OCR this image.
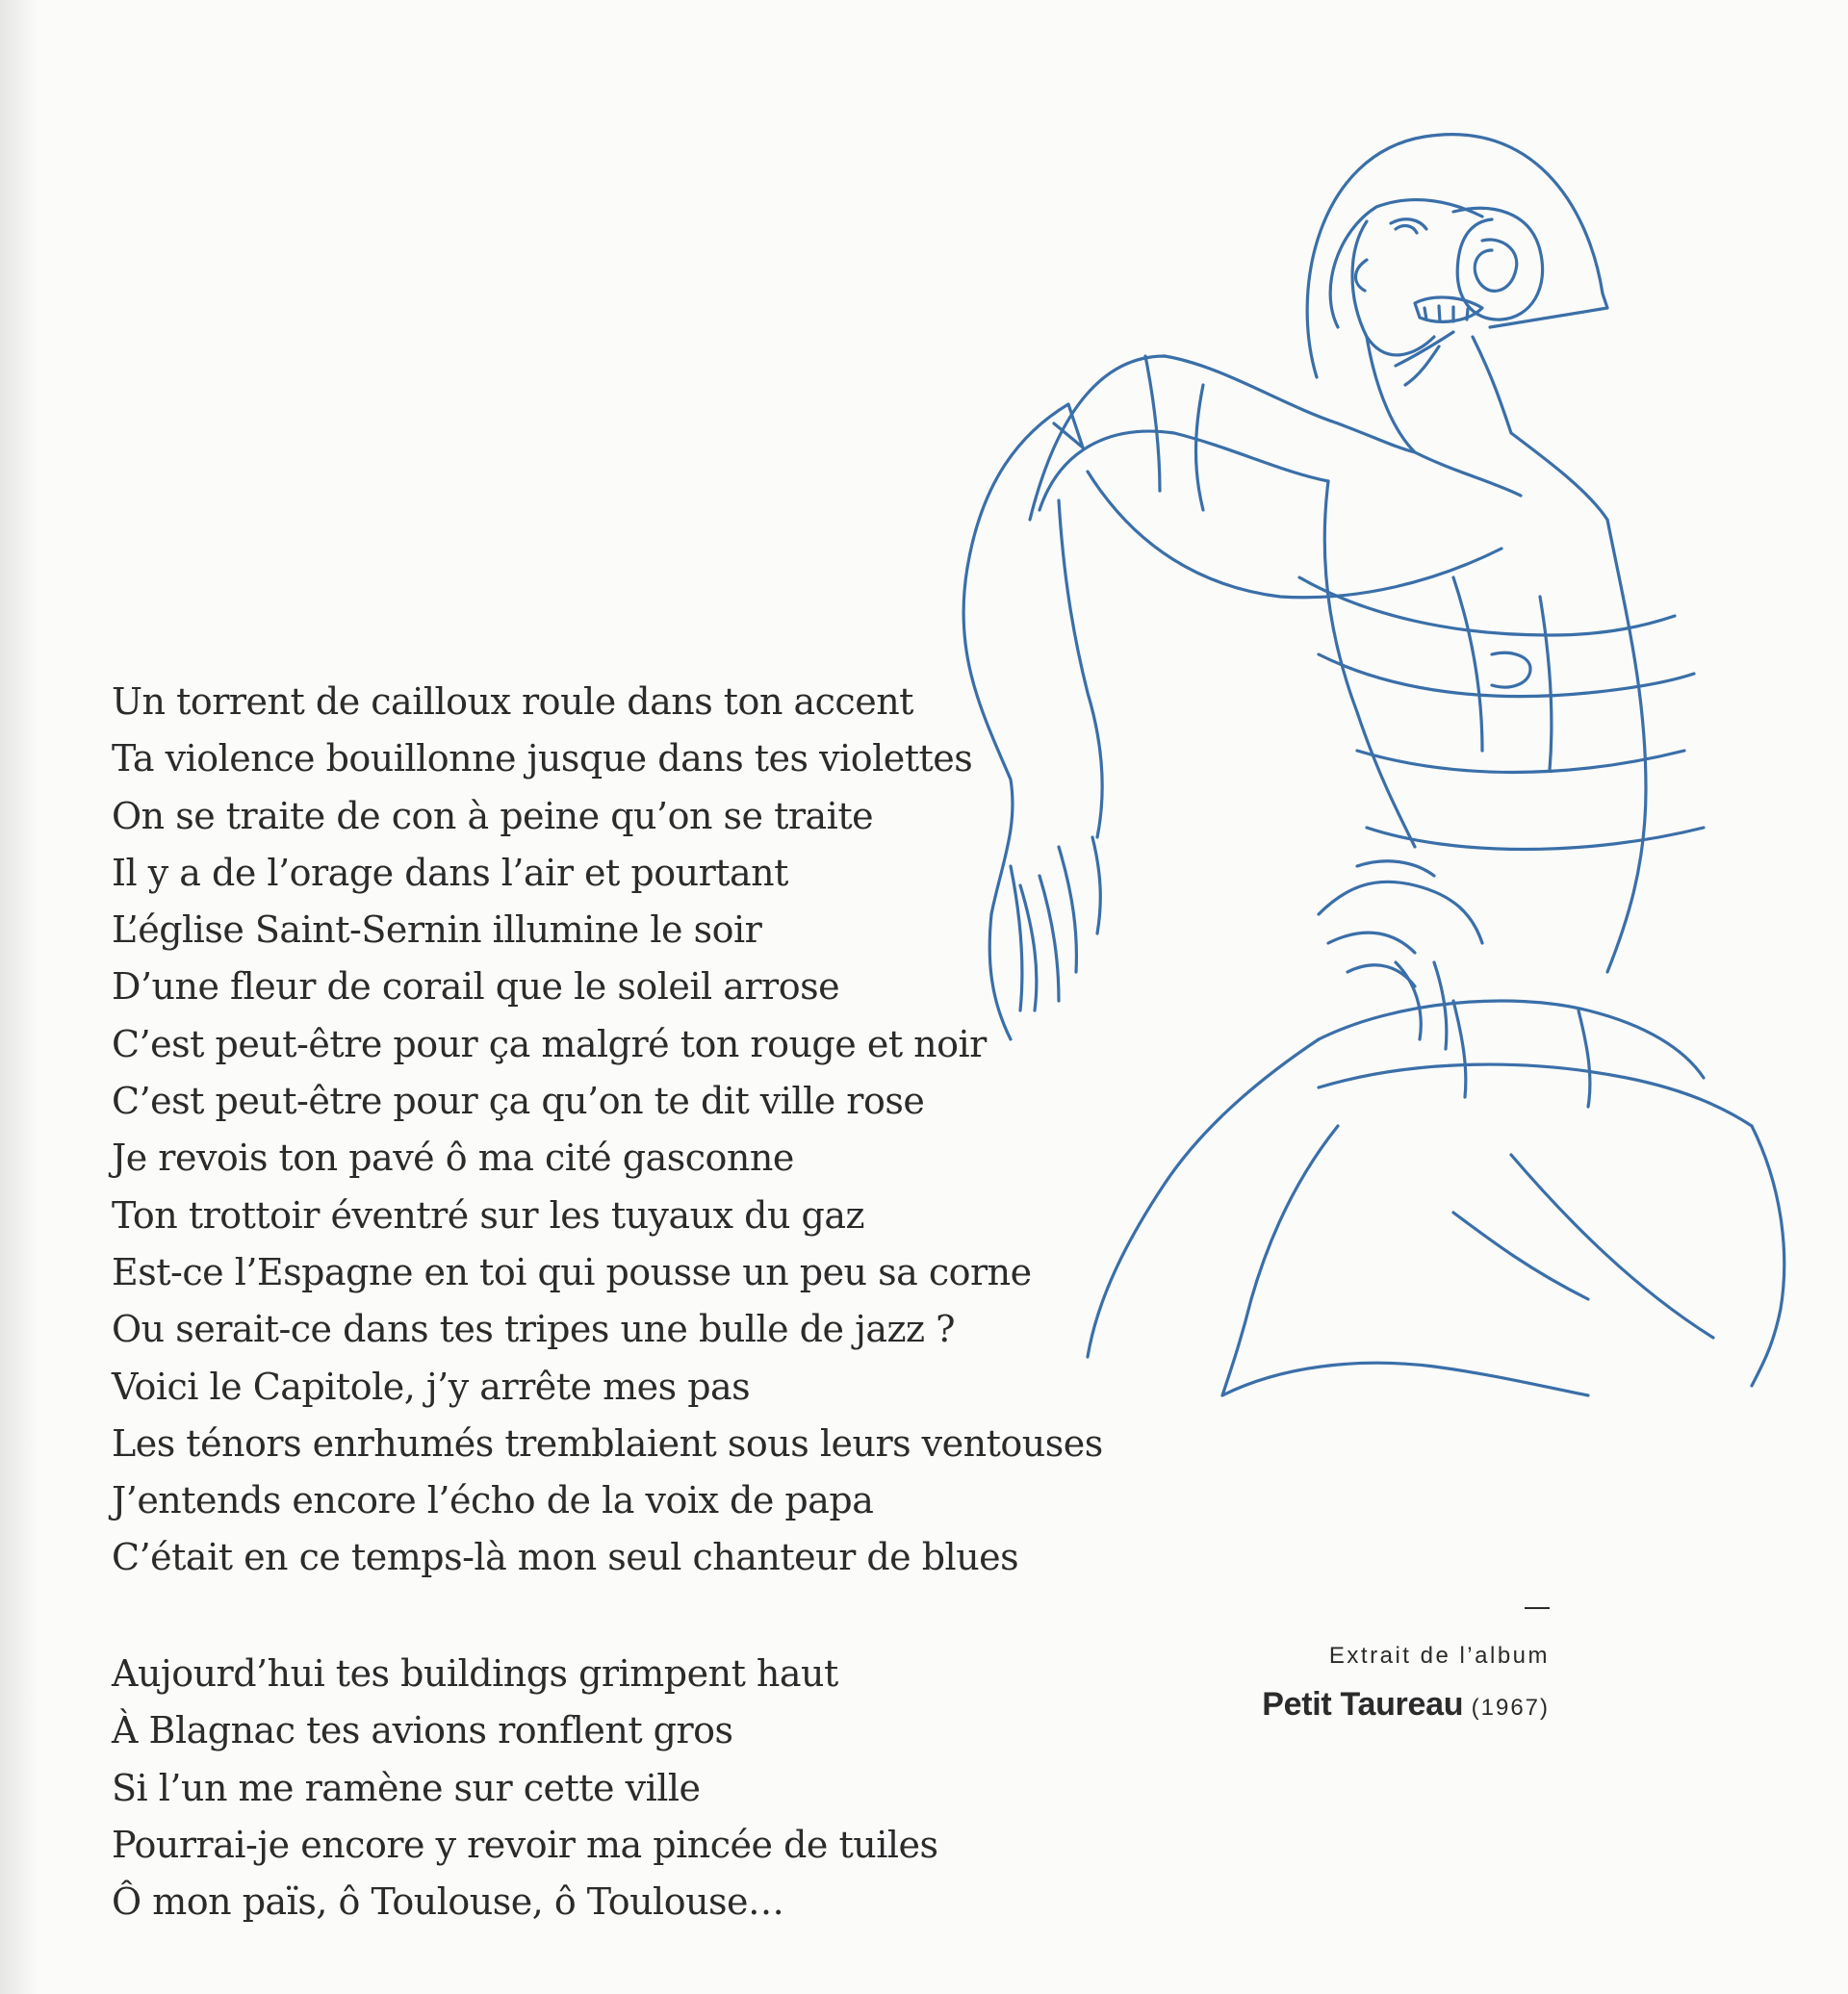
Un torrent de cailloux roule dans ton accent
Ta violence bouillonne jusque dans tes violettes
On se traite de con à peine qu’on se traite
Il y a de l’orage dans l’air et pourtant
L’église Saint-Sernin illumine le soir
D’une fleur de corail que le soleil arrose
C’est peut-être pour ça malgré ton rouge et noir
C’est peut-être pour ça qu’on te dit ville rose
Je revois ton pavé ô ma cité gasconne
Ton trottoir éventré sur les tuyaux du gaz
Est-ce l’Espagne en toi qui pousse un peu sa corne
Ou serait-ce dans tes tripes une bulle de jazz ?
Voici le Capitole, j’y arrête mes pas
Les ténors enrhumés tremblaient sous leurs ventouses
J’entends encore l’écho de la voix de papa
C’était en ce temps-là mon seul chanteur de blues
Aujourd’hui tes buildings grimpent haut
À Blagnac tes avions ronflent gros
Si l’un me ramène sur cette ville
Pourrai-je encore y revoir ma pincée de tuiles
Ô mon païs, ô Toulouse, ô Toulouse…
Extrait de l’album
Petit Taureau (1967)
